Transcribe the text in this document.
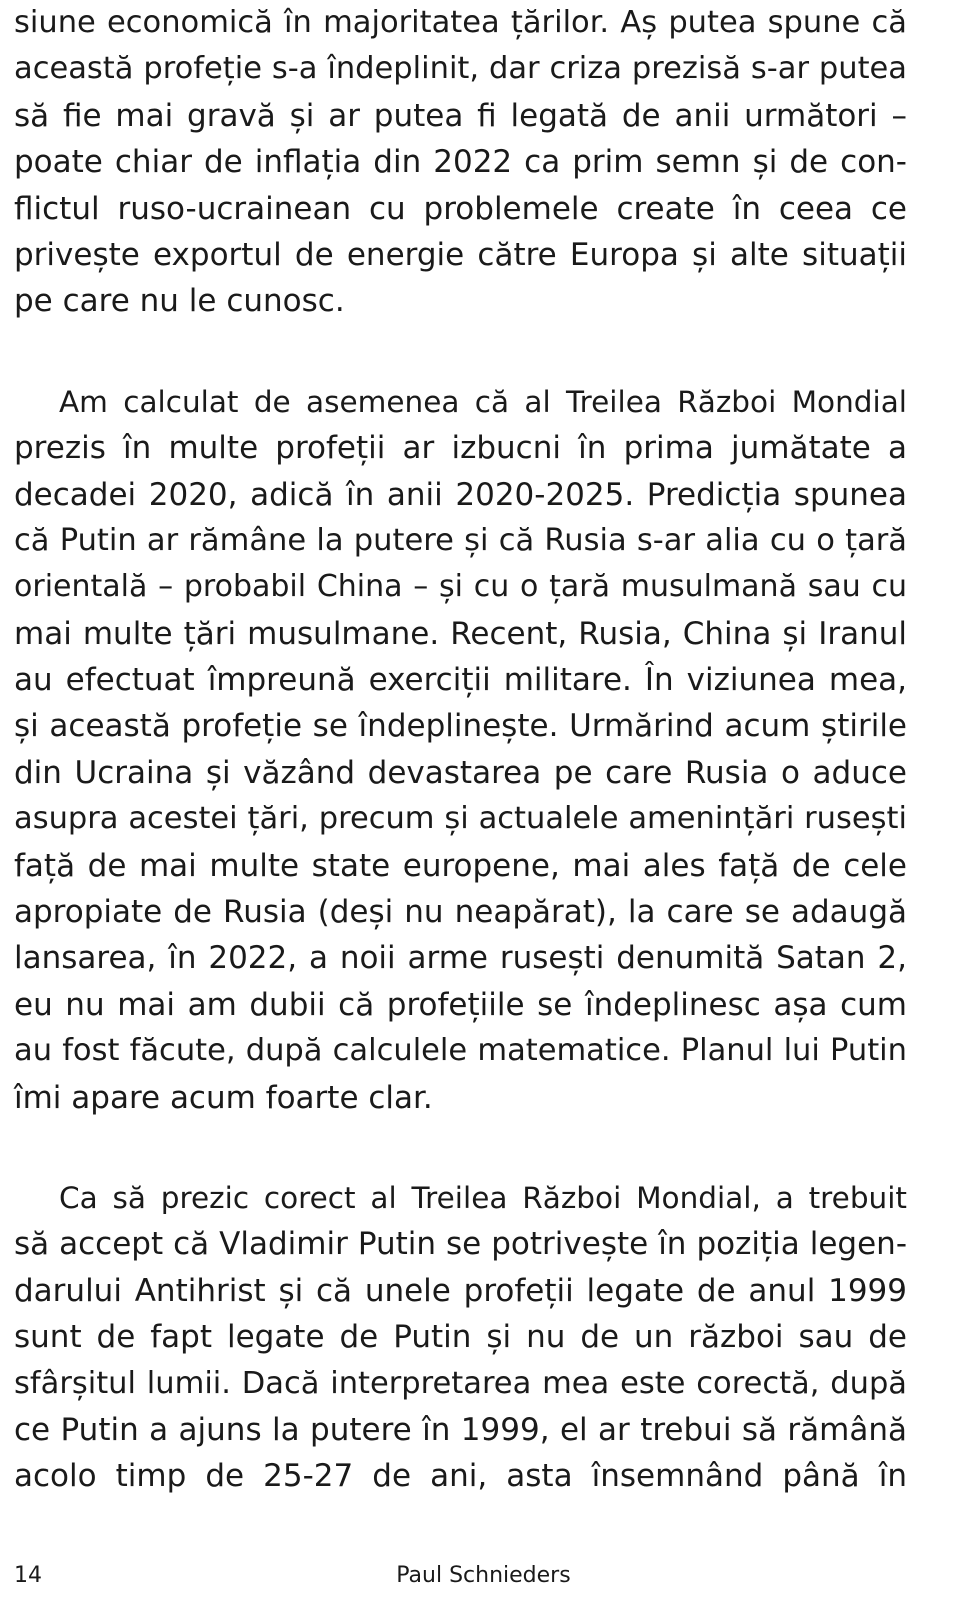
siune economică în majoritatea țărilor. Aș putea spune că
această profeție s-a îndeplinit, dar criza prezisă s-ar putea
să fie mai gravă și ar putea fi legată de anii următori –
poate chiar de inflația din 2022 ca prim semn și de con-
flictul ruso-ucrainean cu problemele create în ceea ce
privește exportul de energie către Europa și alte situații
pe care nu le cunosc.
Am calculat de asemenea că al Treilea Război Mondial
prezis în multe profeții ar izbucni în prima jumătate a
decadei 2020, adică în anii 2020-2025. Predicția spunea
că Putin ar rămâne la putere și că Rusia s-ar alia cu o țară
orientală – probabil China – și cu o țară musulmană sau cu
mai multe țări musulmane. Recent, Rusia, China și Iranul
au efectuat împreună exerciții militare. În viziunea mea,
și această profeție se îndeplinește. Urmărind acum știrile
din Ucraina și văzând devastarea pe care Rusia o aduce
asupra acestei țări, precum și actualele amenințări rusești
față de mai multe state europene, mai ales față de cele
apropiate de Rusia (deși nu neapărat), la care se adaugă
lansarea, în 2022, a noii arme rusești denumită Satan 2,
eu nu mai am dubii că profețiile se îndeplinesc așa cum
au fost făcute, după calculele matematice. Planul lui Putin
îmi apare acum foarte clar.
Ca să prezic corect al Treilea Război Mondial, a trebuit
să accept că Vladimir Putin se potrivește în poziția legen-
darului Antihrist și că unele profeții legate de anul 1999
sunt de fapt legate de Putin și nu de un război sau de
sfârșitul lumii. Dacă interpretarea mea este corectă, după
ce Putin a ajuns la putere în 1999, el ar trebui să rămână
acolo timp de 25-27 de ani, asta însemnând până în
14	Paul Schnieders
